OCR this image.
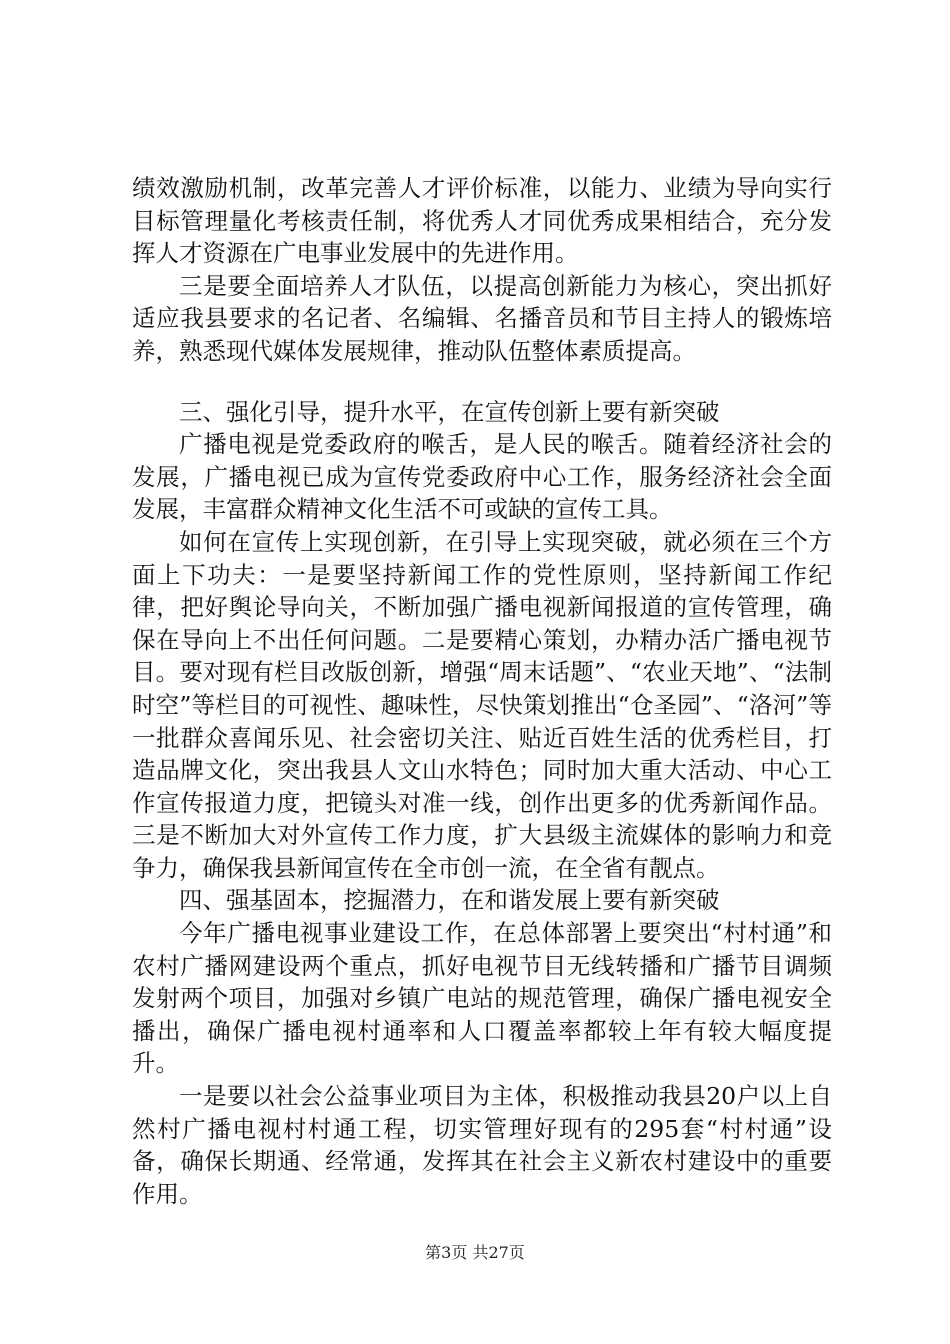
绩效激励机制，改革完善人才评价标准，以能力、业绩为导向实行目标管理量化考核责任制，将优秀人才同优秀成果相结合，充分发挥人才资源在广电事业发展中的先进作用。

三是要全面培养人才队伍，以提高创新能力为核心，突出抓好适应我县要求的名记者、名编辑、名播音员和节目主持人的锻炼培养，熟悉现代媒体发展规律，推动队伍整体素质提高。

三、强化引导，提升水平，在宣传创新上要有新突破

广播电视是党委政府的喉舌，是人民的喉舌。随着经济社会的发展，广播电视已成为宣传党委政府中心工作，服务经济社会全面发展，丰富群众精神文化生活不可或缺的宣传工具。

如何在宣传上实现创新，在引导上实现突破，就必须在三个方面上下功夫：一是要坚持新闻工作的党性原则，坚持新闻工作纪律，把好舆论导向关，不断加强广播电视新闻报道的宣传管理，确保在导向上不出任何问题。二是要精心策划，办精办活广播电视节目。要对现有栏目改版创新，增强“周末话题”、“农业天地”、“法制时空”等栏目的可视性、趣味性，尽快策划推出“仓圣园”、“洛河”等一批群众喜闻乐见、社会密切关注、贴近百姓生活的优秀栏目，打造品牌文化，突出我县人文山水特色；同时加大重大活动、中心工作宣传报道力度，把镜头对准一线，创作出更多的优秀新闻作品。三是不断加大对外宣传工作力度，扩大县级主流媒体的影响力和竞争力，确保我县新闻宣传在全市创一流，在全省有靓点。

四、强基固本，挖掘潜力，在和谐发展上要有新突破

今年广播电视事业建设工作，在总体部署上要突出“村村通”和农村广播网建设两个重点，抓好电视节目无线转播和广播节目调频发射两个项目，加强对乡镇广电站的规范管理，确保广播电视安全播出，确保广播电视村通率和人口覆盖率都较上年有较大幅度提升。

一是要以社会公益事业项目为主体，积极推动我县20户以上自然村广播电视村村通工程，切实管理好现有的295套“村村通”设备，确保长期通、经常通，发挥其在社会主义新农村建设中的重要作用。

第3页 共27页
